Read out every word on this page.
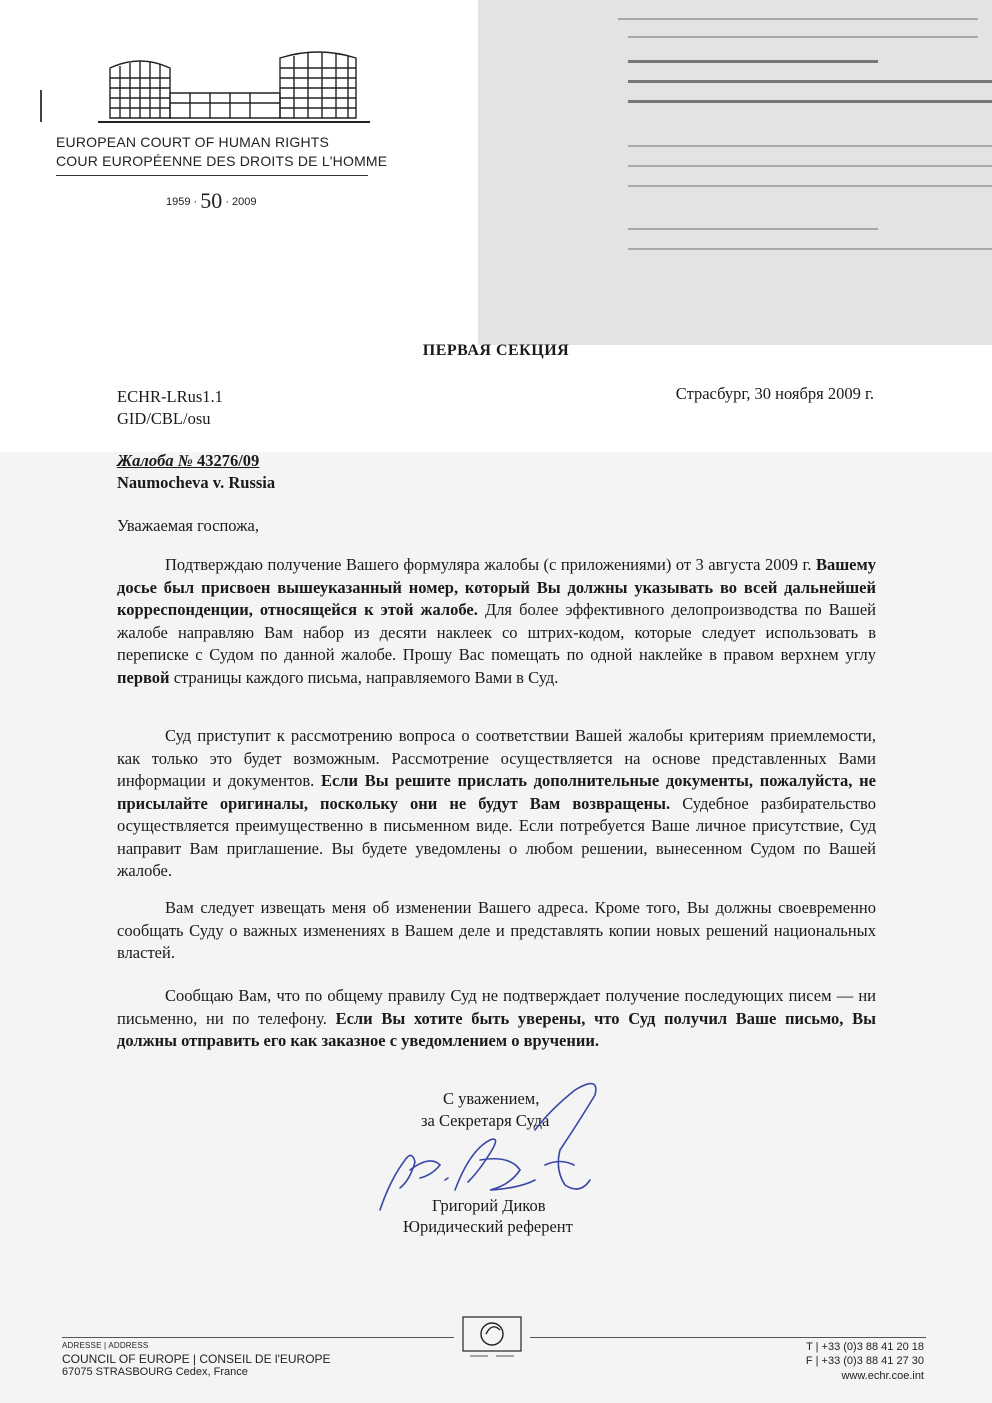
EUROPEAN COURT OF HUMAN RIGHTS
COUR EUROPÉENNE DES DROITS DE L'HOMME
1959 · 50 · 2009
ПЕРВАЯ СЕКЦИЯ
ECHR-LRus1.1
GID/CBL/osu
Страсбург, 30 ноября 2009 г.
Жалоба № 43276/09
Naumocheva v. Russia
Уважаемая госпожа,
Подтверждаю получение Вашего формуляра жалобы (с приложениями) от 3 августа 2009 г. Вашему досье был присвоен вышеуказанный номер, который Вы должны указывать во всей дальнейшей корреспонденции, относящейся к этой жалобе. Для более эффективного делопроизводства по Вашей жалобе направляю Вам набор из десяти наклеек со штрих-кодом, которые следует использовать в переписке с Судом по данной жалобе. Прошу Вас помещать по одной наклейке в правом верхнем углу первой страницы каждого письма, направляемого Вами в Суд.
Суд приступит к рассмотрению вопроса о соответствии Вашей жалобы критериям приемлемости, как только это будет возможным. Рассмотрение осуществляется на основе представленных Вами информации и документов. Если Вы решите прислать дополнительные документы, пожалуйста, не присылайте оригиналы, поскольку они не будут Вам возвращены. Судебное разбирательство осуществляется преимущественно в письменном виде. Если потребуется Ваше личное присутствие, Суд направит Вам приглашение. Вы будете уведомлены о любом решении, вынесенном Судом по Вашей жалобе.
Вам следует извещать меня об изменении Вашего адреса. Кроме того, Вы должны своевременно сообщать Суду о важных изменениях в Вашем деле и представлять копии новых решений национальных властей.
Сообщаю Вам, что по общему правилу Суд не подтверждает получение последующих писем — ни письменно, ни по телефону. Если Вы хотите быть уверены, что Суд получил Ваше письмо, Вы должны отправить его как заказное с уведомлением о вручении.
С уважением,
за Секретаря Суда
Григорий Диков
Юридический референт
ADRESSE | ADDRESS
COUNCIL OF EUROPE | CONSEIL DE l'EUROPE
67075 STRASBOURG Cedex, France
T | +33 (0)3 88 41 20 18
F | +33 (0)3 88 41 27 30
www.echr.coe.int
